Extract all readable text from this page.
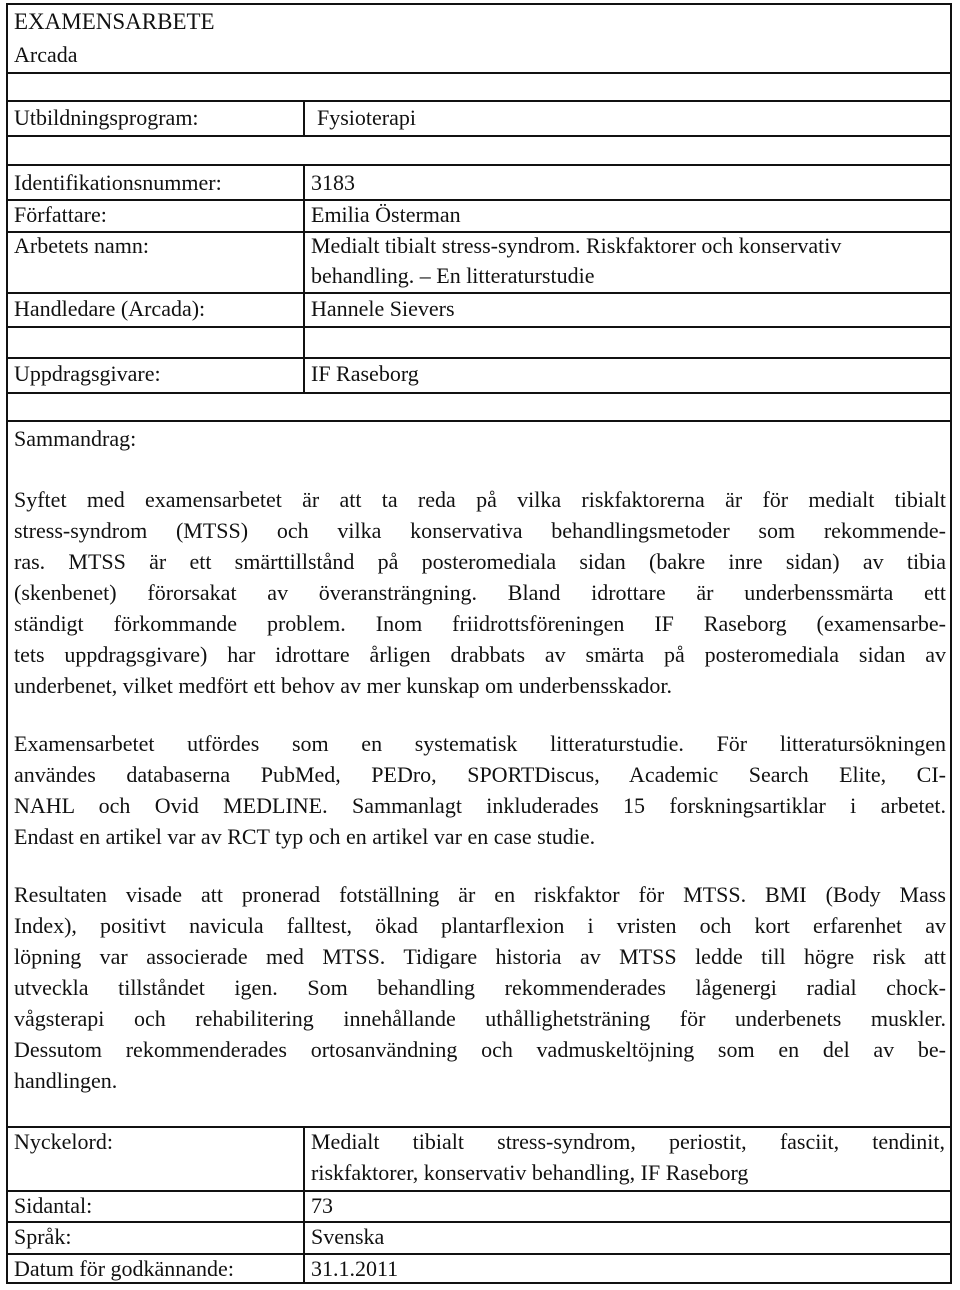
EXAMENSARBETE
Arcada
Utbildningsprogram:	Fysioterapi
Identifikationsnummer:	3183
Författare:	Emilia Österman
Arbetets namn:	Medialt tibialt stress-syndrom. Riskfaktorer och konservativ
behandling. – En litteraturstudie
Handledare (Arcada):	Hannele Sievers
Uppdragsgivare:	IF Raseborg
Sammandrag:
Syftet med examensarbetet är att ta reda på vilka riskfaktorerna är för medialt tibialt
stress-syndrom (MTSS) och vilka konservativa behandlingsmetoder som rekommende-
ras. MTSS är ett smärttillstånd på posteromediala sidan (bakre inre sidan) av tibia
(skenbenet) förorsakat av överansträngning. Bland idrottare är underbenssmärta ett
ständigt förkommande problem. Inom friidrottsföreningen IF Raseborg (examensarbe-
tets uppdragsgivare) har idrottare årligen drabbats av smärta på posteromediala sidan av
underbenet, vilket medfört ett behov av mer kunskap om underbensskador.
Examensarbetet utfördes som en systematisk litteraturstudie. För litteratursökningen
användes databaserna PubMed, PEDro, SPORTDiscus, Academic Search Elite, CI-
NAHL och Ovid MEDLINE. Sammanlagt inkluderades 15 forskningsartiklar i arbetet.
Endast en artikel var av RCT typ och en artikel var en case studie.
Resultaten visade att pronerad fotställning är en riskfaktor för MTSS. BMI (Body Mass
Index), positivt navicula falltest, ökad plantarflexion i vristen och kort erfarenhet av
löpning var associerade med MTSS. Tidigare historia av MTSS ledde till högre risk att
utveckla tillståndet igen. Som behandling rekommenderades lågenergi radial chock-
vågsterapi och rehabilitering innehållande uthållighetsträning för underbenets muskler.
Dessutom rekommenderades ortosanvändning och vadmuskeltöjning som en del av be-
handlingen.
Nyckelord:	Medialt tibialt stress-syndrom, periostit, fasciit, tendinit,
riskfaktorer, konservativ behandling, IF Raseborg
Sidantal:	73
Språk:	Svenska
Datum för godkännande:	31.1.2011
